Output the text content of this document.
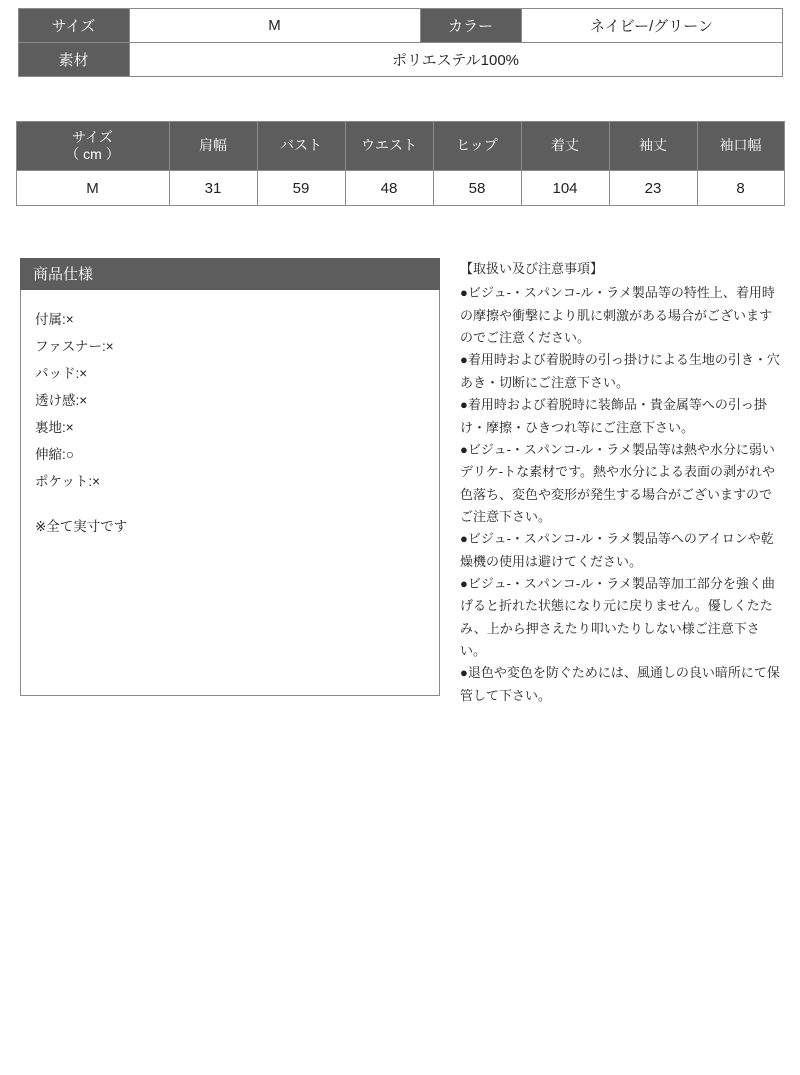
サイズ	M	カラー	ネイビー/グリーン
素材	ポリエステル100%		
サイズ
（ cm ）	肩幅	バスト	ウエスト	ヒップ	着丈	袖丈	袖口幅
M	31	59	48	58	104	23	8
商品仕様
付属:×
ファスナー:×
パッド:×
透け感:×
裏地:×
伸縮:○
ポケット:×
※全て実寸です
【取扱い及び注意事項】

●ビジュ‐・スパンコ‐ル・ラメ製品等の特性上、着用時の摩擦や衝撃により肌に刺激がある場合がございますのでご注意ください。

●着用時および着脱時の引っ掛けによる生地の引き・穴あき・切断にご注意下さい。

●着用時および着脱時に装飾品・貴金属等への引っ掛け・摩擦・ひきつれ等にご注意下さい。

●ビジュ‐・スパンコ‐ル・ラメ製品等は熱や水分に弱いデリケ‐トな素材です。熱や水分による表面の剥がれや色落ち、変色や変形が発生する場合がございますのでご注意下さい。

●ビジュ‐・スパンコ‐ル・ラメ製品等へのアイロンや乾燥機の使用は避けてください。

●ビジュ‐・スパンコ‐ル・ラメ製品等加工部分を強く曲げると折れた状態になり元に戻りません。優しくたたみ、上から押さえたり叩いたりしない様ご注意下さい。

●退色や変色を防ぐためには、風通しの良い暗所にて保管して下さい。
